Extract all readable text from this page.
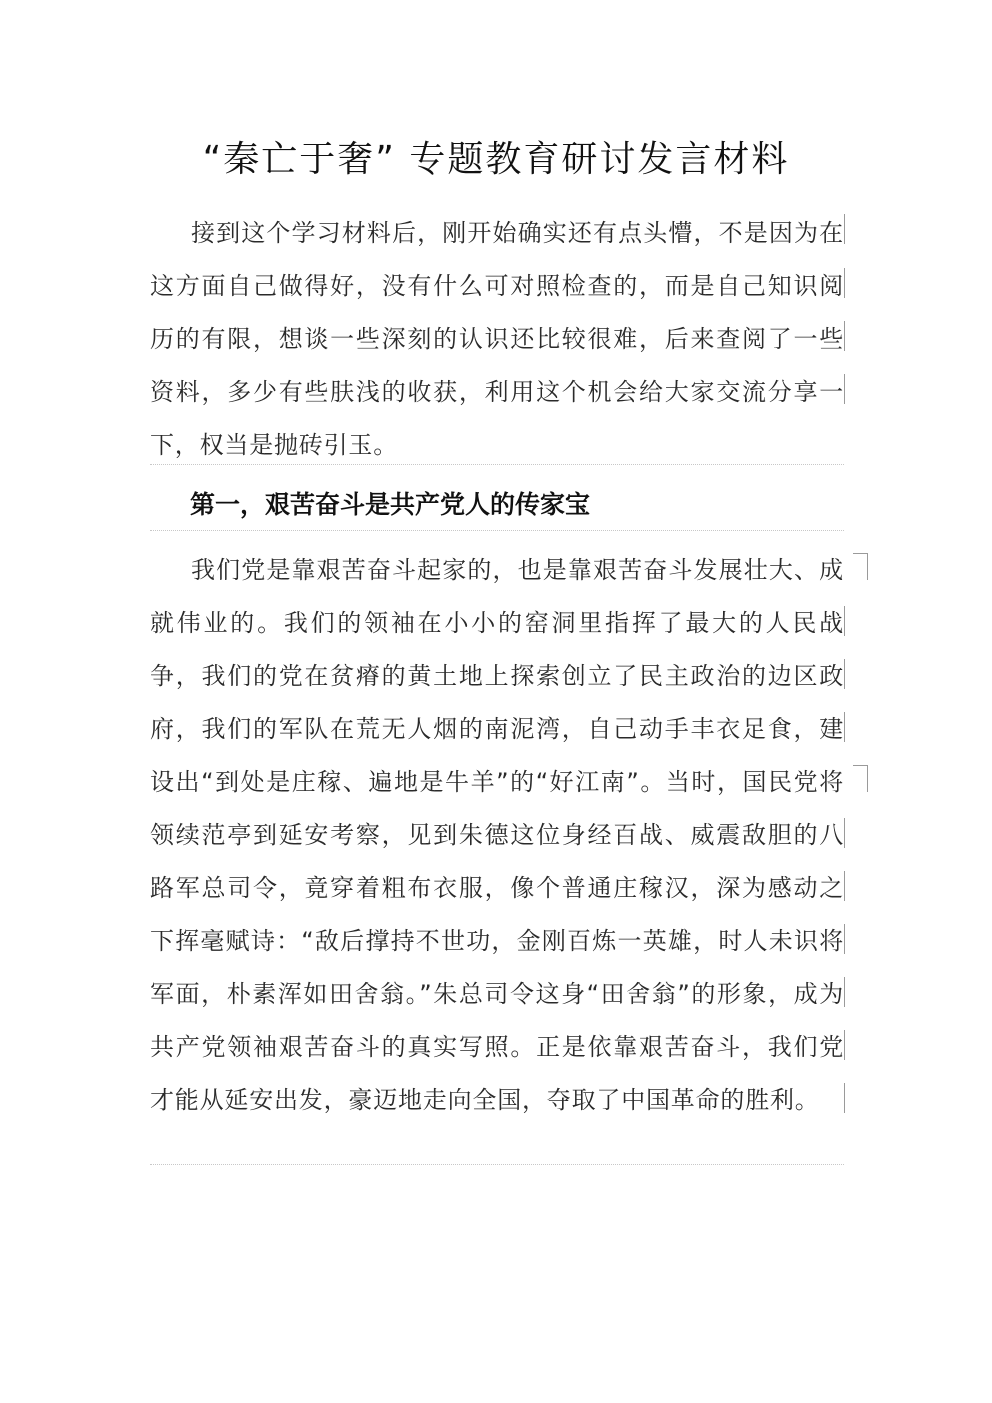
“秦亡于奢” 专题教育研讨发言材料

接到这个学习材料后，刚开始确实还有点头懵，不是因为在这方面自己做得好，没有什么可对照检查的，而是自己知识阅历的有限，想谈一些深刻的认识还比较很难，后来查阅了一些资料，多少有些肤浅的收获，利用这个机会给大家交流分享一下，权当是抛砖引玉。

第一，艰苦奋斗是共产党人的传家宝

我们党是靠艰苦奋斗起家的，也是靠艰苦奋斗发展壮大、成就伟业的。我们的领袖在小小的窑洞里指挥了最大的人民战争，我们的党在贫瘠的黄土地上探索创立了民主政治的边区政府，我们的军队在荒无人烟的南泥湾，自己动手丰衣足食，建设出“到处是庄稼、遍地是牛羊”的“好江南”。当时，国民党将领续范亭到延安考察，见到朱德这位身经百战、威震敌胆的八路军总司令，竟穿着粗布衣服，像个普通庄稼汉，深为感动之下挥毫赋诗：“敌后撑持不世功，金刚百炼一英雄，时人未识将军面，朴素浑如田舍翁。”朱总司令这身“田舍翁”的形象，成为共产党领袖艰苦奋斗的真实写照。正是依靠艰苦奋斗，我们党才能从延安出发，豪迈地走向全国，夺取了中国革命的胜利。
